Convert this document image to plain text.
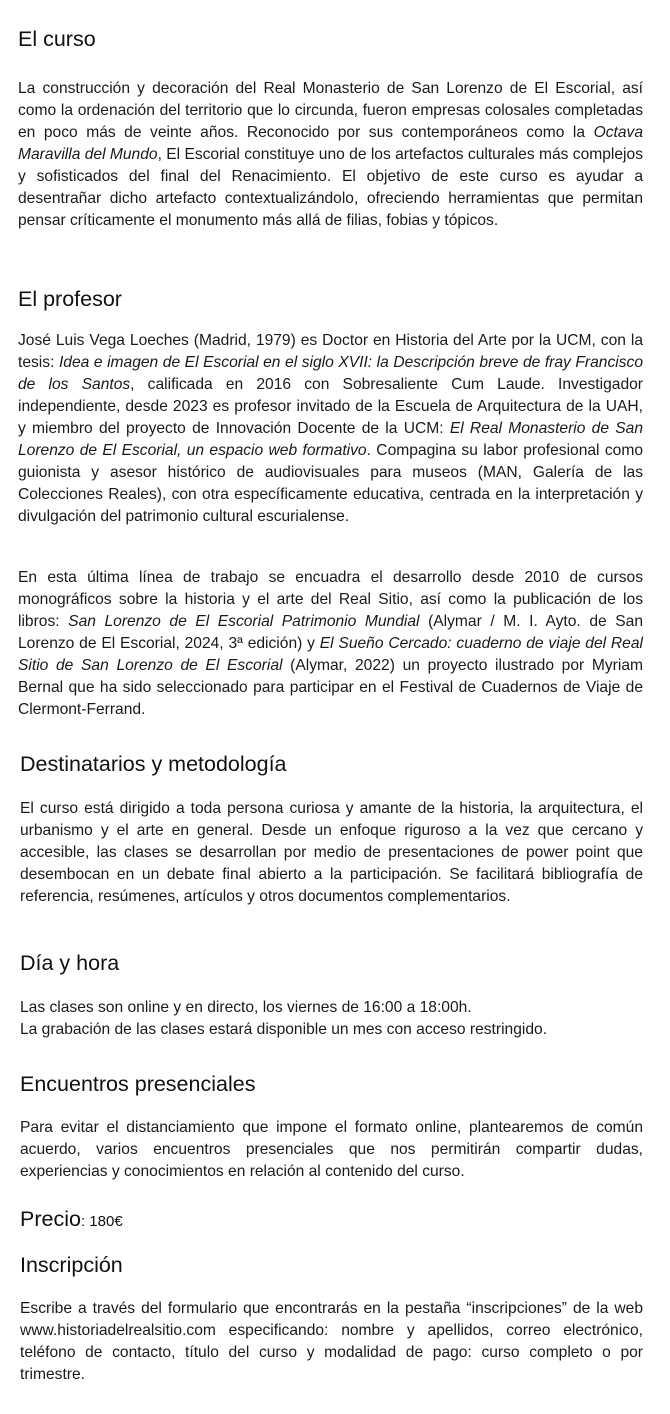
El curso

La construcción y decoración del Real Monasterio de San Lorenzo de El Escorial, así como la ordenación del territorio que lo circunda, fueron empresas colosales completadas en poco más de veinte años. Reconocido por sus contemporáneos como la Octava Maravilla del Mundo, El Escorial constituye uno de los artefactos culturales más complejos y sofisticados del final del Renacimiento. El objetivo de este curso es ayudar a desentrañar dicho artefacto contextualizándolo, ofreciendo herramientas que permitan pensar críticamente el monumento más allá de filias, fobias y tópicos.

El profesor

José Luis Vega Loeches (Madrid, 1979) es Doctor en Historia del Arte por la UCM, con la tesis: Idea e imagen de El Escorial en el siglo XVII: la Descripción breve de fray Francisco de los Santos, calificada en 2016 con Sobresaliente Cum Laude. Investigador independiente, desde 2023 es profesor invitado de la Escuela de Arquitectura de la UAH, y miembro del proyecto de Innovación Docente de la UCM: El Real Monasterio de San Lorenzo de El Escorial, un espacio web formativo. Compagina su labor profesional como guionista y asesor histórico de audiovisuales para museos (MAN, Galería de las Colecciones Reales), con otra específicamente educativa, centrada en la interpretación y divulgación del patrimonio cultural escurialense.

En esta última línea de trabajo se encuadra el desarrollo desde 2010 de cursos monográficos sobre la historia y el arte del Real Sitio, así como la publicación de los libros: San Lorenzo de El Escorial Patrimonio Mundial (Alymar / M. I. Ayto. de San Lorenzo de El Escorial, 2024, 3ª edición) y El Sueño Cercado: cuaderno de viaje del Real Sitio de San Lorenzo de El Escorial (Alymar, 2022) un proyecto ilustrado por Myriam Bernal que ha sido seleccionado para participar en el Festival de Cuadernos de Viaje de Clermont-Ferrand.

Destinatarios y metodología

El curso está dirigido a toda persona curiosa y amante de la historia, la arquitectura, el urbanismo y el arte en general. Desde un enfoque riguroso a la vez que cercano y accesible, las clases se desarrollan por medio de presentaciones de power point que desembocan en un debate final abierto a la participación. Se facilitará bibliografía de referencia, resúmenes, artículos y otros documentos complementarios.

Día y hora

Las clases son online y en directo, los viernes de 16:00 a 18:00h.
La grabación de las clases estará disponible un mes con acceso restringido.

Encuentros presenciales

Para evitar el distanciamiento que impone el formato online, plantearemos de común acuerdo, varios encuentros presenciales que nos permitirán compartir dudas, experiencias y conocimientos en relación al contenido del curso.

Precio: 180€
Inscripción

Escribe a través del formulario que encontrarás en la pestaña “inscripciones” de la web www.historiadelrealsitio.com especificando: nombre y apellidos, correo electrónico, teléfono de contacto, título del curso y modalidad de pago: curso completo o por trimestre.
